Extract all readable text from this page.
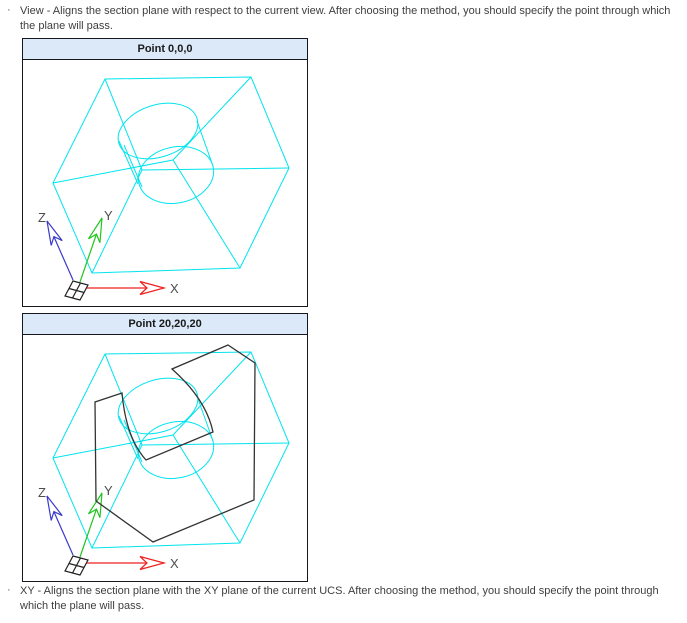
· View - Aligns the section plane with respect to the current view. After choosing the method, you should specify the point through which
the plane will pass.
Point 0,0,0
Point 20,20,20
· XY - Aligns the section plane with the XY plane of the current UCS. After choosing the method, you should specify the point through
which the plane will pass.
